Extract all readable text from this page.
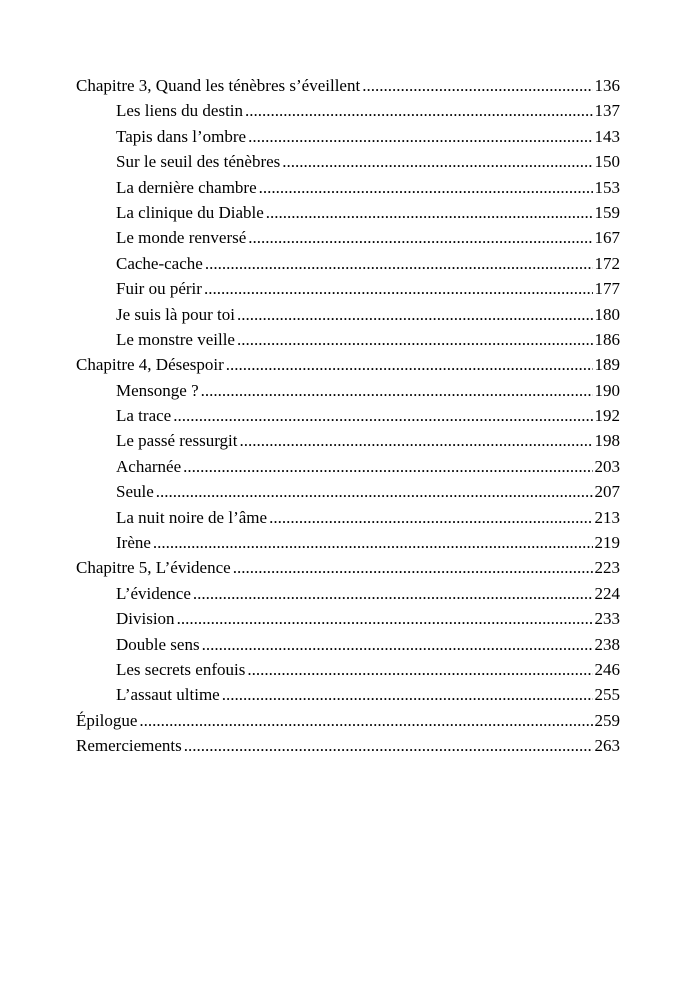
Chapitre 3, Quand les ténèbres s’éveillent .....	136
Les liens du destin .....	137
Tapis dans l’ombre .....	143
Sur le seuil des ténèbres .....	150
La dernière chambre .....	153
La clinique du Diable .....	159
Le monde renversé .....	167
Cache-cache .....	172
Fuir ou périr .....	177
Je suis là pour toi .....	180
Le monstre veille .....	186
Chapitre 4, Désespoir .....	189
Mensonge ? .....	190
La trace .....	192
Le passé ressurgit .....	198
Acharnée .....	203
Seule .....	207
La nuit noire de l’âme .....	213
Irène .....	219
Chapitre 5, L’évidence .....	223
L’évidence .....	224
Division .....	233
Double sens .....	238
Les secrets enfouis .....	246
L’assaut ultime .....	255
Épilogue .....	259
Remerciements .....	263
